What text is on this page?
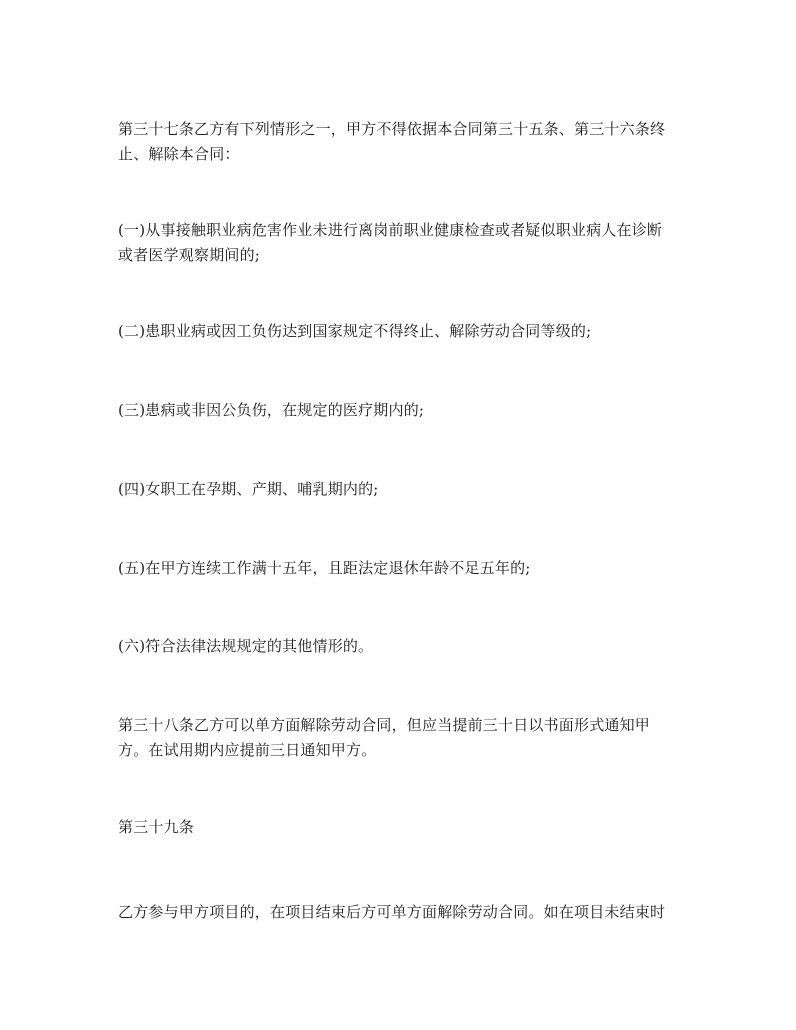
第三十七条乙方有下列情形之一，甲方不得依据本合同第三十五条、第三十六条终
止、解除本合同：
(一)从事接触职业病危害作业未进行离岗前职业健康检查或者疑似职业病人在诊断
或者医学观察期间的;
(二)患职业病或因工负伤达到国家规定不得终止、解除劳动合同等级的;
(三)患病或非因公负伤，在规定的医疗期内的;
(四)女职工在孕期、产期、哺乳期内的;
(五)在甲方连续工作满十五年，且距法定退休年龄不足五年的;
(六)符合法律法规规定的其他情形的。
第三十八条乙方可以单方面解除劳动合同，但应当提前三十日以书面形式通知甲
方。在试用期内应提前三日通知甲方。
第三十九条
乙方参与甲方项目的，在项目结束后方可单方面解除劳动合同。如在项目未结束时
